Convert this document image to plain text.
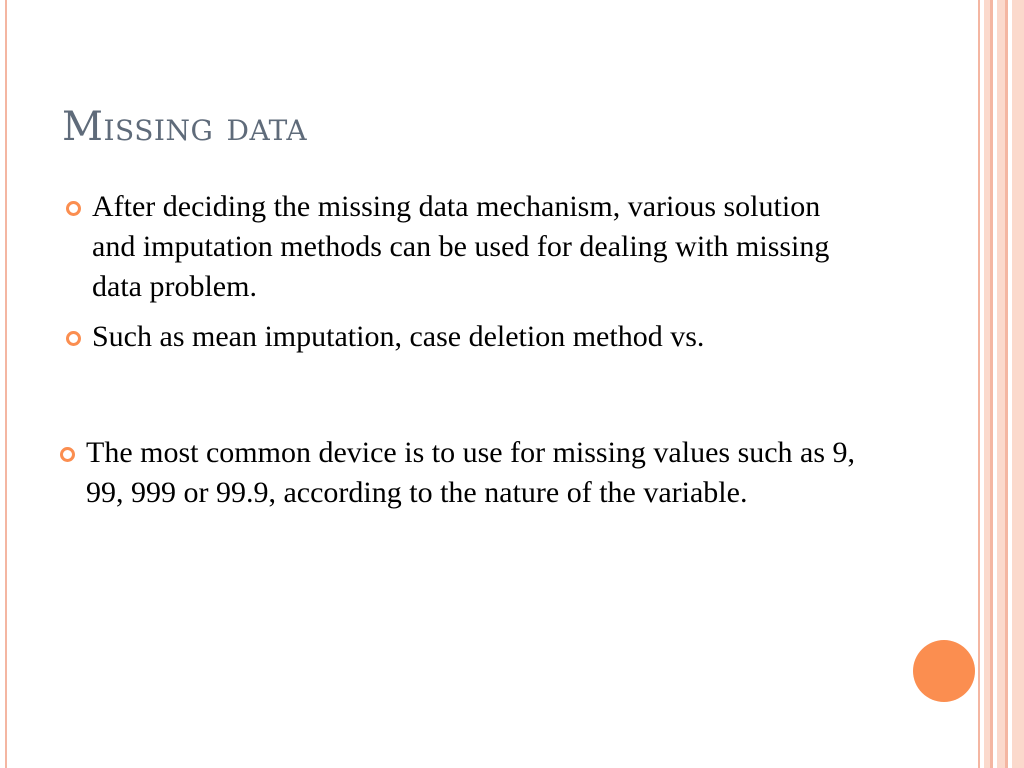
Missing data
After deciding the missing data mechanism, various solution and imputation methods can be used for dealing with missing data problem.
Such as mean imputation, case deletion method vs.
The most common device is to use for missing values such as 9, 99, 999 or 99.9, according to the nature of the variable.
